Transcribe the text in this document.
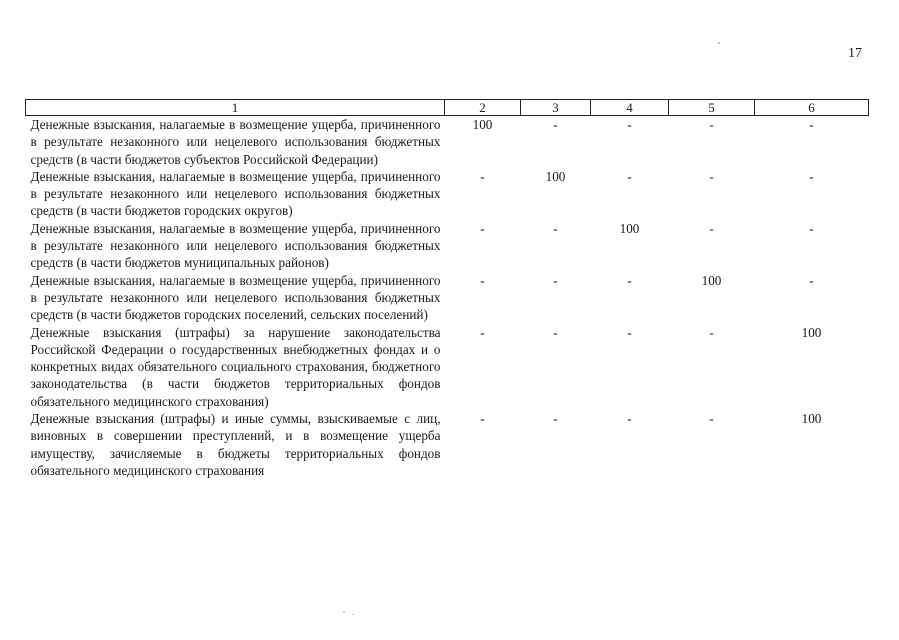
17
1	2	3	4	5	6
Денежные взыскания, налагаемые в возмещение ущерба, причиненного в результате незаконного или нецелевого использования бюджетных средств (в части бюджетов субъектов Российской Федерации)	100	-	-	-	-
Денежные взыскания, налагаемые в возмещение ущерба, причиненного в результате незаконного или нецелевого использования бюджетных средств (в части бюджетов городских округов)	-	100	-	-	-
Денежные взыскания, налагаемые в возмещение ущерба, причиненного в результате незаконного или нецелевого использования бюджетных средств (в части бюджетов муниципальных районов)	-	-	100	-	-
Денежные взыскания, налагаемые в возмещение ущерба, причиненного в результате незаконного или нецелевого использования бюджетных средств (в части бюджетов городских поселений, сельских поселений)	-	-	-	100	-
Денежные взыскания (штрафы) за нарушение законодательства Российской Федерации о государственных внебюджетных фондах и о конкретных видах обязательного социального страхования, бюджетного законодательства (в части бюджетов территориальных фондов обязательного медицинского страхования)	-	-	-	-	100
Денежные взыскания (штрафы) и иные суммы, взыскиваемые с лиц, виновных в совершении преступлений, и в возмещение ущерба имуществу, зачисляемые в бюджеты территориальных фондов обязательного медицинского страхования	-	-	-	-	100
